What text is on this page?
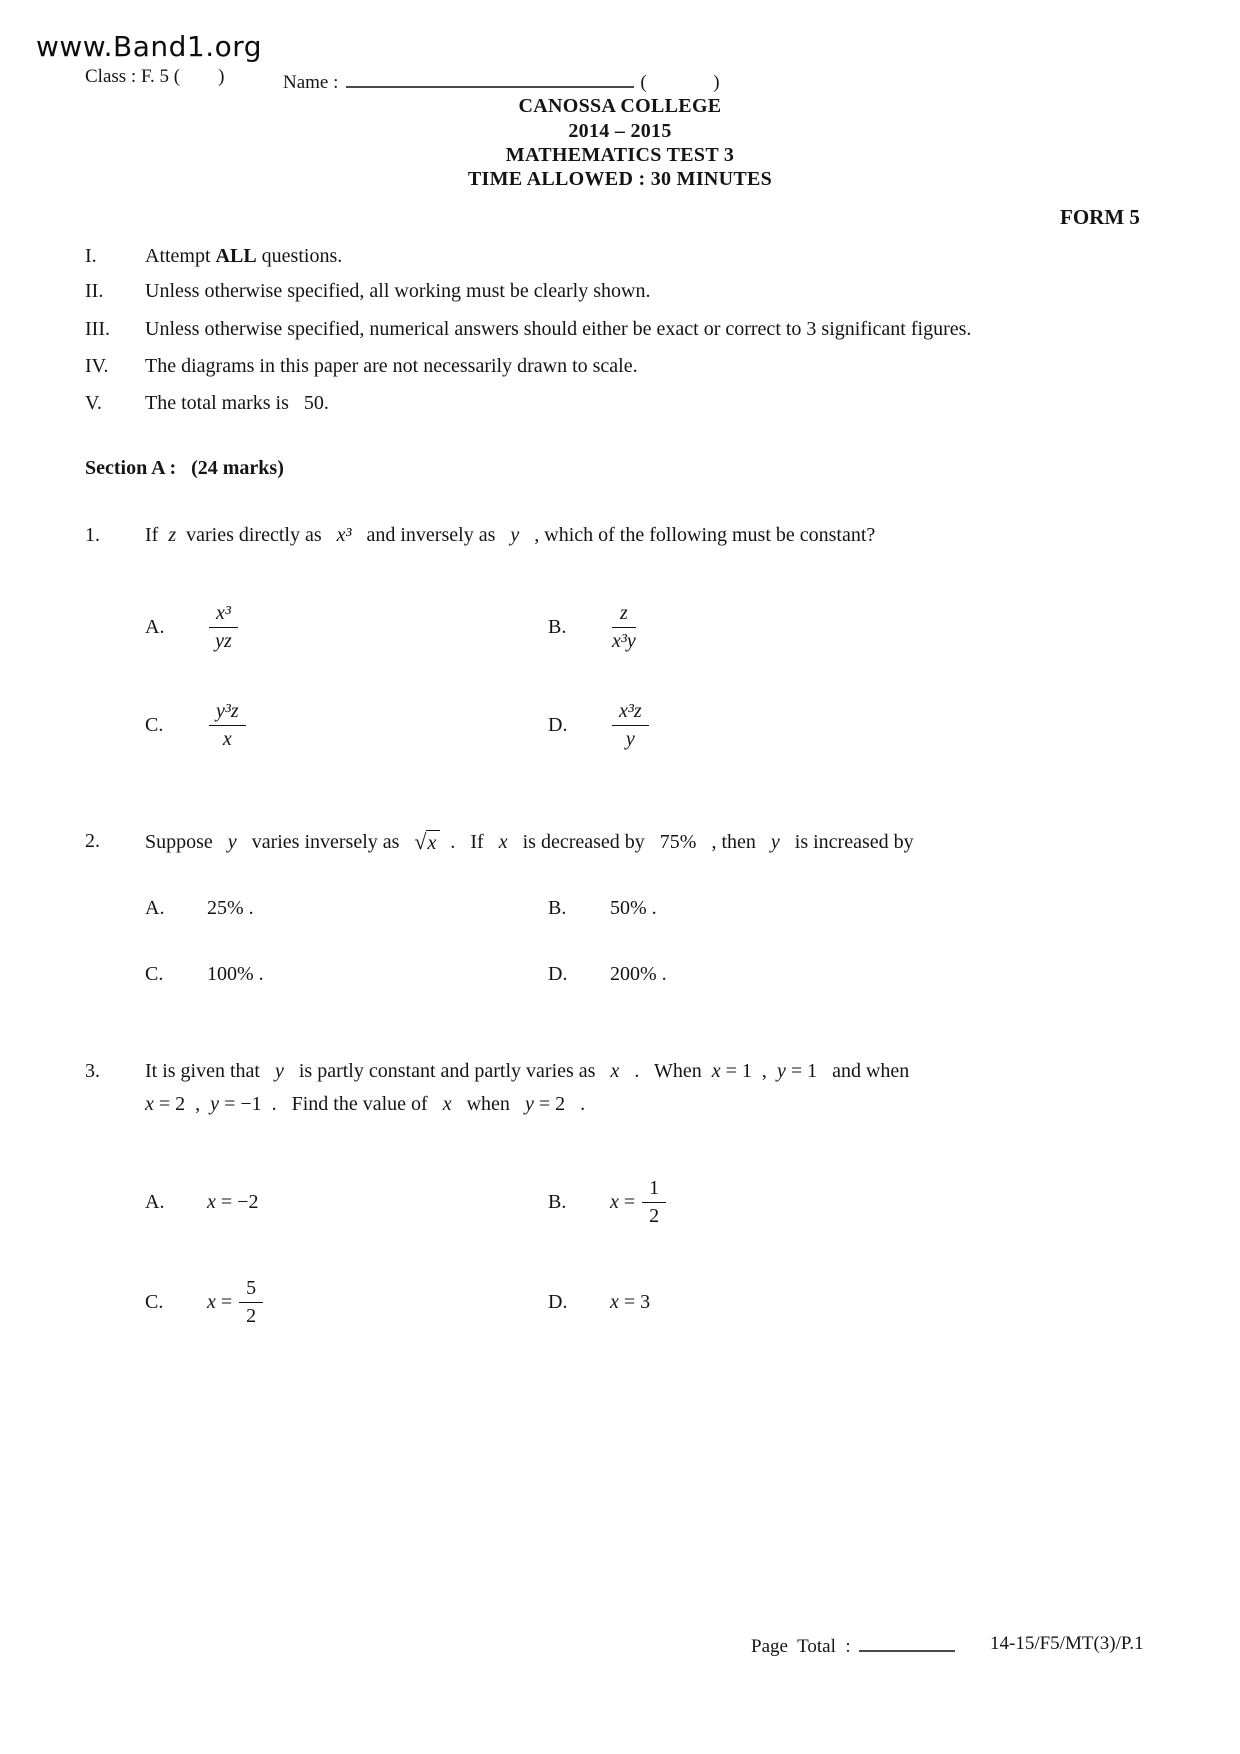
www.Band1.org
Class : F. 5 (        )	Name :	(              )
CANOSSA COLLEGE
2014 – 2015
MATHEMATICS TEST 3
TIME ALLOWED : 30 MINUTES
FORM 5
I. Attempt ALL questions.
II. Unless otherwise specified, all working must be clearly shown.
III. Unless otherwise specified, numerical answers should either be exact or correct to 3 significant figures.
IV. The diagrams in this paper are not necessarily drawn to scale.
V. The total marks is   50.
Section A :   (24 marks)
1. If  z  varies directly as   x³   and inversely as   y   , which of the following must be constant?
A.	$\frac{\text{x³}}{yz}$	B.	$\frac{z}{\text{x³y}}$
C.	$\frac{\text{y³z}}{x}$	D.	$\frac{\text{x³z}}{y}$
2. Suppose   y   varies inversely as √ x .   If   x   is decreased by   75%   , then   y   is increased by
A.	25% .	B.	50% .
C.	100% .	D.	200% .
3. It is given that   y   is partly constant and partly varies as   x   .   When  x = 1  ,  y = 1   and when
x = 2  ,  y = −1  .   Find the value of   x   when   y = 2   .
A.	x = −2	B.	$x = \frac{1}{2}$
C.	$x = \frac{5}{2}$	D.	x = 3
Page  Total  :	14-15/F5/MT(3)/P.1
